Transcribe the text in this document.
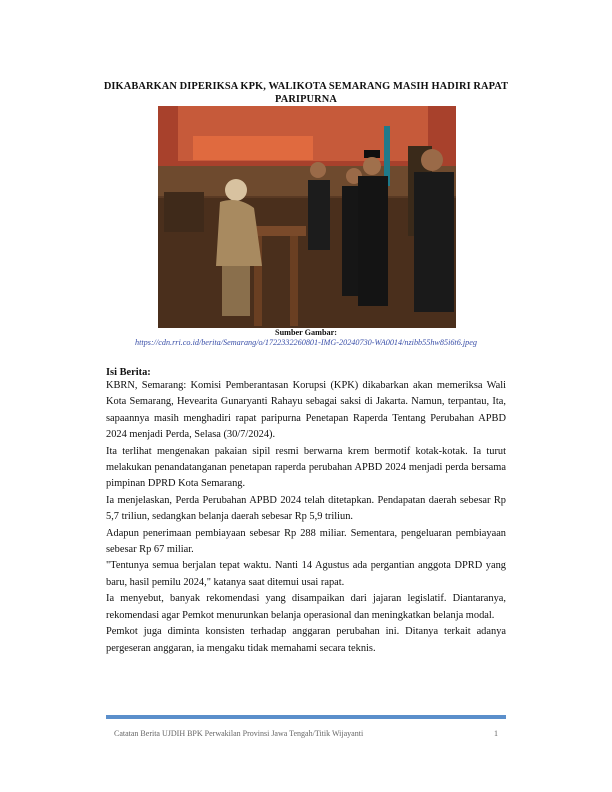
DIKABARKAN DIPERIKSA KPK, WALIKOTA SEMARANG MASIH HADIRI RAPAT PARIPURNA
Sumber Gambar:
https://cdn.rri.co.id/berita/Semarang/o/1722332260801-IMG-20240730-WA0014/nzibb55hw85i6t6.jpeg
Isi Berita:

KBRN, Semarang: Komisi Pemberantasan Korupsi (KPK) dikabarkan akan memeriksa Wali Kota Semarang, Hevearita Gunaryanti Rahayu sebagai saksi di Jakarta. Namun, terpantau, Ita, sapaannya masih menghadiri rapat paripurna Penetapan Raperda Tentang Perubahan APBD 2024 menjadi Perda, Selasa (30/7/2024).

Ita terlihat mengenakan pakaian sipil resmi berwarna krem bermotif kotak-kotak. Ia turut melakukan penandatanganan penetapan raperda perubahan APBD 2024 menjadi perda bersama pimpinan DPRD Kota Semarang.

Ia menjelaskan, Perda Perubahan APBD 2024 telah ditetapkan. Pendapatan daerah sebesar Rp 5,7 triliun, sedangkan belanja daerah sebesar Rp 5,9 triliun.

Adapun penerimaan pembiayaan sebesar Rp 288 miliar. Sementara, pengeluaran pembiayaan sebesar Rp 67 miliar.

"Tentunya semua berjalan tepat waktu. Nanti 14 Agustus ada pergantian anggota DPRD yang baru, hasil pemilu 2024," katanya saat ditemui usai rapat.

Ia menyebut, banyak rekomendasi yang disampaikan dari jajaran legislatif. Diantaranya, rekomendasi agar Pemkot menurunkan belanja operasional dan meningkatkan belanja modal.

Pemkot juga diminta konsisten terhadap anggaran perubahan ini. Ditanya terkait adanya pergeseran anggaran, ia mengaku tidak memahami secara teknis.

Catatan Berita UJDIH BPK Perwakilan Provinsi Jawa Tengah/Titik Wijayanti	1
